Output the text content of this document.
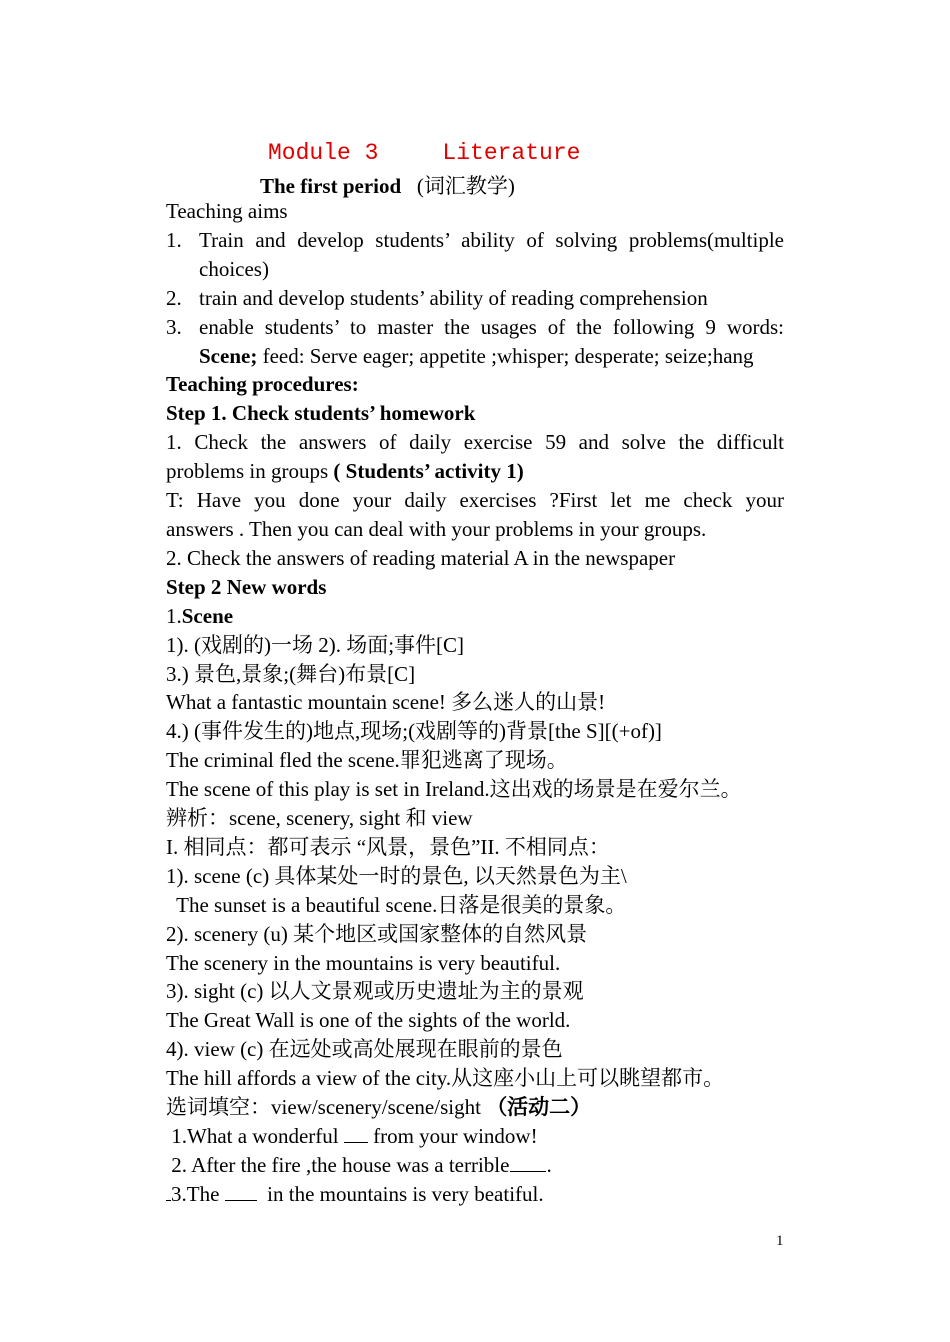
Module 3	Literature
The first period (词汇教学)
Teaching aims
1. Train and develop students’ ability of solving problems(multiple
choices)
2. train and develop students’ ability of reading comprehension
3. enable students’ to master the usages of the following 9 words:
Scene; feed: Serve eager; appetite ;whisper; desperate; seize;hang
Teaching procedures:
Step 1. Check students’ homework
1. Check the answers of daily exercise 59 and solve the difficult
problems in groups ( Students’ activity 1)
T: Have you done your daily exercises ?First let me check your
answers . Then you can deal with your problems in your groups.
2. Check the answers of reading material A in the newspaper
Step 2 New words
1.Scene
1). (戏剧的)一场 2). 场面;事件[C]
3.) 景色,景象;(舞台)布景[C]
What a fantastic mountain scene! 多么迷人的山景!
4.) (事件发生的)地点,现场;(戏剧等的)背景[the S][(+of)]
The criminal fled the scene.罪犯逃离了现场。
The scene of this play is set in Ireland.这出戏的场景是在爱尔兰。
辨析：scene, scenery, sight 和 view
I. 相同点：都可表示 “风景，景色”II. 不相同点：
1). scene (c) 具体某处一时的景色, 以天然景色为主\
The sunset is a beautiful scene.日落是很美的景象。
2). scenery (u) 某个地区或国家整体的自然风景
The scenery in the mountains is very beautiful.
3). sight (c) 以人文景观或历史遗址为主的景观
The Great Wall is one of the sights of the world.
4). view (c) 在远处或高处展现在眼前的景色
The hill affords a view of the city.从这座小山上可以眺望都市。
选词填空：view/scenery/scene/sight （活动二）
1.What a wonderful  from your window!
2. After the fire ,the house was a terrible .
3.The   in the mountains is very beatiful.
1
